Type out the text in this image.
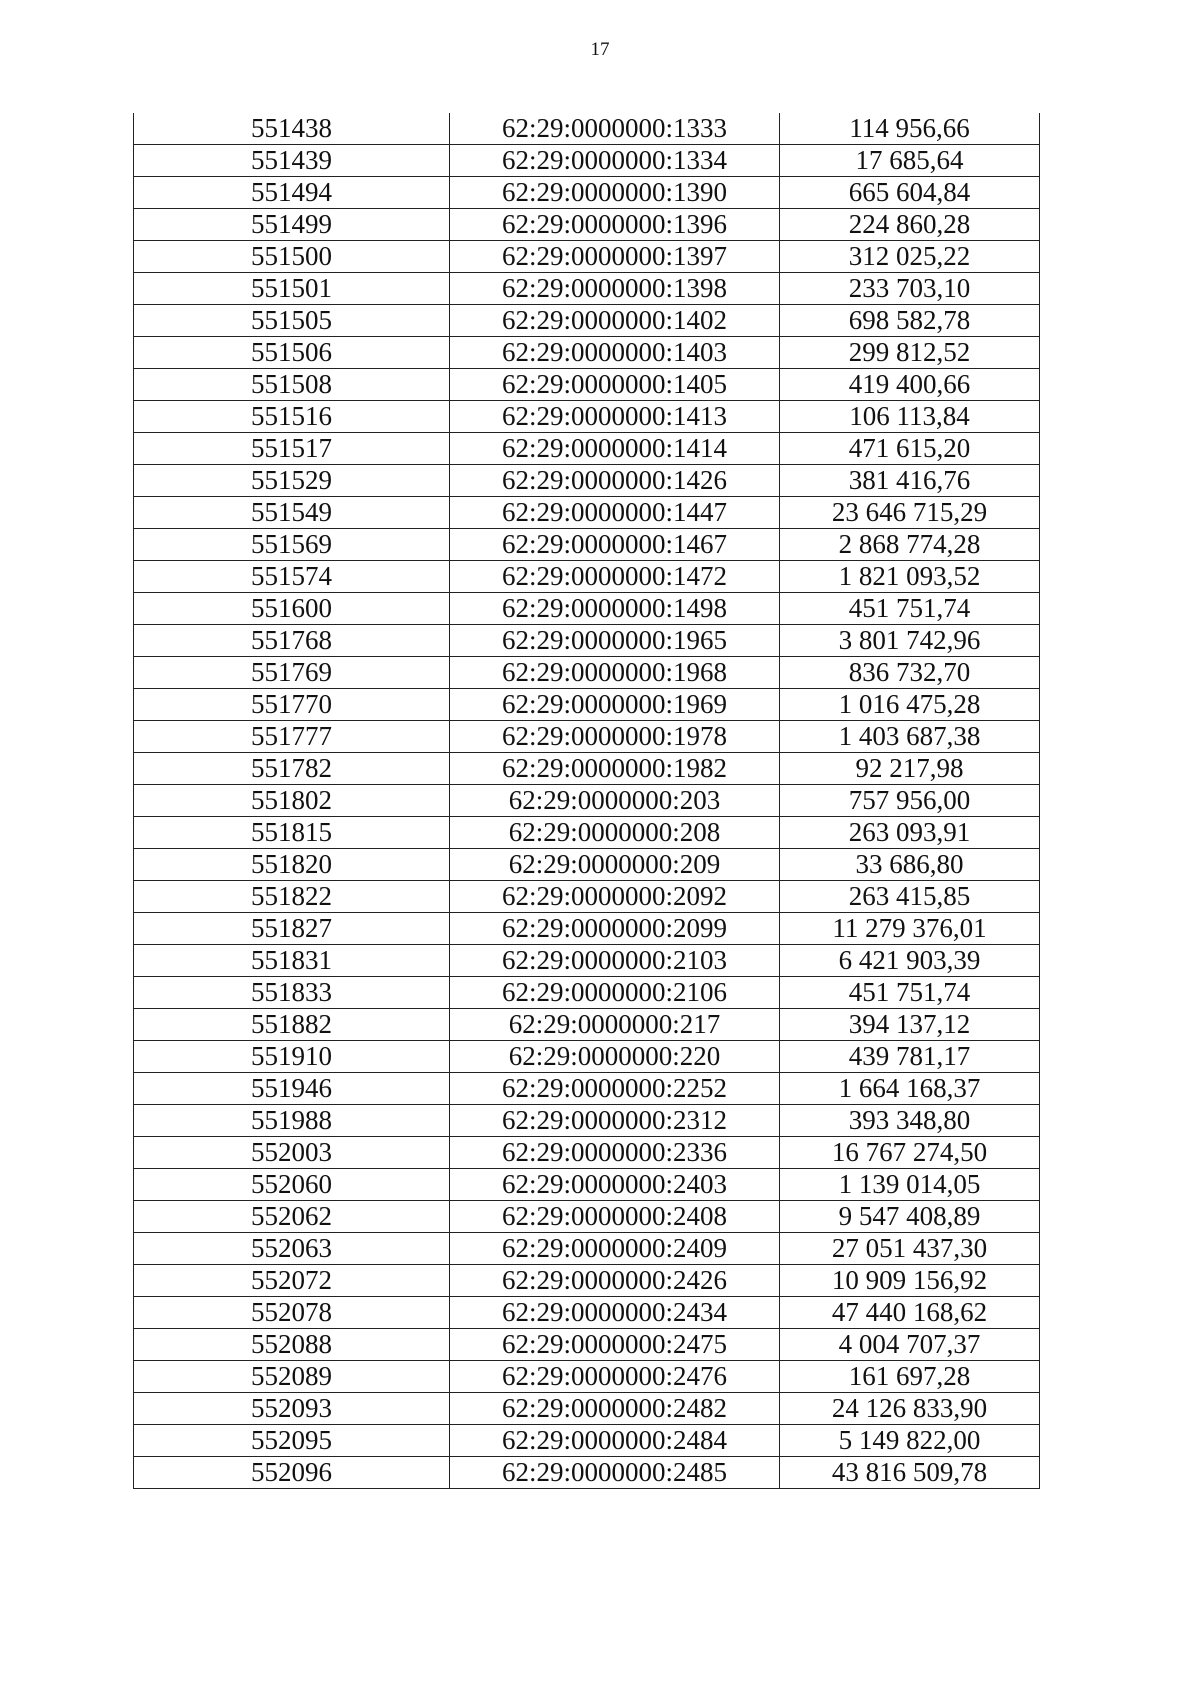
17
551438	62:29:0000000:1333	114 956,66
551439	62:29:0000000:1334	17 685,64
551494	62:29:0000000:1390	665 604,84
551499	62:29:0000000:1396	224 860,28
551500	62:29:0000000:1397	312 025,22
551501	62:29:0000000:1398	233 703,10
551505	62:29:0000000:1402	698 582,78
551506	62:29:0000000:1403	299 812,52
551508	62:29:0000000:1405	419 400,66
551516	62:29:0000000:1413	106 113,84
551517	62:29:0000000:1414	471 615,20
551529	62:29:0000000:1426	381 416,76
551549	62:29:0000000:1447	23 646 715,29
551569	62:29:0000000:1467	2 868 774,28
551574	62:29:0000000:1472	1 821 093,52
551600	62:29:0000000:1498	451 751,74
551768	62:29:0000000:1965	3 801 742,96
551769	62:29:0000000:1968	836 732,70
551770	62:29:0000000:1969	1 016 475,28
551777	62:29:0000000:1978	1 403 687,38
551782	62:29:0000000:1982	92 217,98
551802	62:29:0000000:203	757 956,00
551815	62:29:0000000:208	263 093,91
551820	62:29:0000000:209	33 686,80
551822	62:29:0000000:2092	263 415,85
551827	62:29:0000000:2099	11 279 376,01
551831	62:29:0000000:2103	6 421 903,39
551833	62:29:0000000:2106	451 751,74
551882	62:29:0000000:217	394 137,12
551910	62:29:0000000:220	439 781,17
551946	62:29:0000000:2252	1 664 168,37
551988	62:29:0000000:2312	393 348,80
552003	62:29:0000000:2336	16 767 274,50
552060	62:29:0000000:2403	1 139 014,05
552062	62:29:0000000:2408	9 547 408,89
552063	62:29:0000000:2409	27 051 437,30
552072	62:29:0000000:2426	10 909 156,92
552078	62:29:0000000:2434	47 440 168,62
552088	62:29:0000000:2475	4 004 707,37
552089	62:29:0000000:2476	161 697,28
552093	62:29:0000000:2482	24 126 833,90
552095	62:29:0000000:2484	5 149 822,00
552096	62:29:0000000:2485	43 816 509,78
